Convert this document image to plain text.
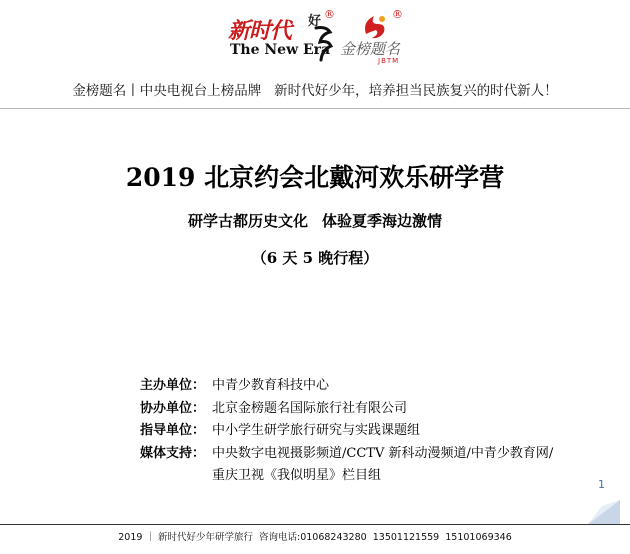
新时代 好 ®
The New Era
®
金榜题名
JBTM
金榜题名丨中央电视台上榜品牌   新时代好少年，培养担当民族复兴的时代新人！
2019 北京约会北戴河欢乐研学营
研学古都历史文化 体验夏季海边激情
（6 天 5 晚行程）
主办单位： 中青少教育科技中心
协办单位： 北京金榜题名国际旅行社有限公司
指导单位： 中小学生研学旅行研究与实践课题组
媒体支持： 中央数字电视摄影频道/CCTV 新科动漫频道/中青少教育网/
重庆卫视《我似明星》栏目组
1
2019 ｜ 新时代好少年研学旅行  咨询电话:01068243280  13501121559  15101069346
